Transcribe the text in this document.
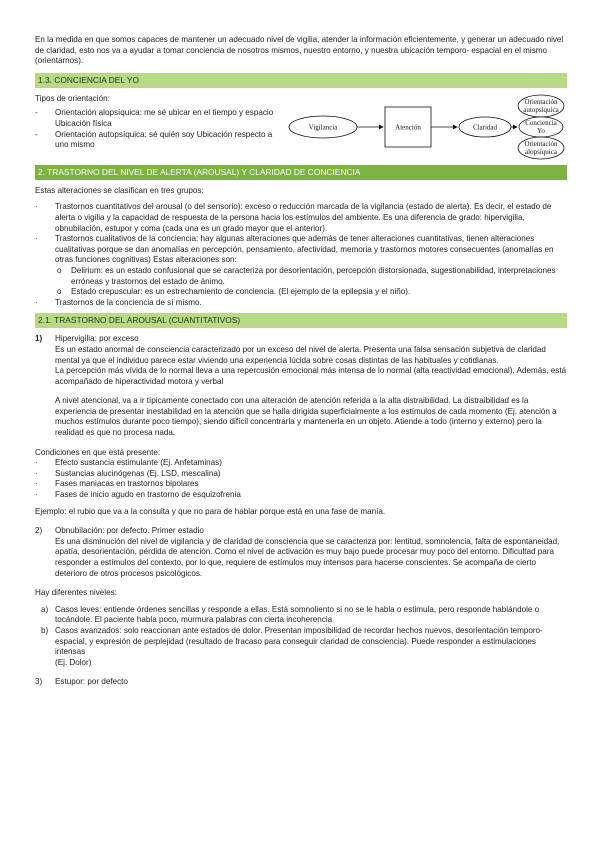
En la medida en que somos capaces de mantener un adecuado nivel de vigilia, atender la información eficientemente, y generar un adecuado nivel de claridad, esto nos va a ayudar a tomar conciencia de nosotros mismos, nuestro entorno, y nuestra ubicación temporo- espacial en el mismo (orientarnos).

1.3. CONCIENCIA DEL YO

Tipos de orientación:

-	Orientación alopsíquica: me sé ubicar en el tiempo y espacio Ubicación física
-	Orientación autopsíquica: sé quién soy Ubicación respecto a uno mismo
Vigilancia	Atención	Claridad
Orientación
autopsíquica
Conciencia
Yo
Orientación
alopsíquica
2. TRASTORNO DEL NIVEL DE ALERTA (AROUSAL) Y CLARIDAD DE CONCIENCIA

Estas alteraciones se clasifican en tres grupos:

·	Trastornos cuantitativos del arousal (o del sensorio): exceso o reducción marcada de la vigilancia (estado de alerta). Es decir, el estado de alerta o vigilia y la capacidad de respuesta de la persona hacia los estímulos del ambiente. Es una diferencia de grado: hipervigilia, obnubilación, estupor y coma (cada una es un grado mayor que el anterior).
·	Trastornos cualitativos de la conciencia: hay algunas alteraciones que además de tener alteraciones cuantitativas, tienen alteraciones cualitativas porque se dan anomalías en percepción, pensamiento, afectividad, memoria y trastornos motores consecuentes (anomalías en otras funciones cognitivas) Estas alteraciones son:
o	Delirium: es un estado confusional que se caracteriza por desorientación, percepción distorsionada, sugestionabilidad, interpretaciones erróneas y trastornos del estado de ánimo.
o	Estado crepuscular: es un estrechamiento de conciencia. (El ejemplo de la epilepsia y el niño).
·	Trastornos de la conciencia de sí mismo.
2.1. TRASTORNO DEL AROUSAL (CUANTITATIVOS)
1)	Hipervigilia: por exceso

Es un estado anormal de consciencia caracterizado por un exceso del nivel de alerta. Presenta una falsa sensación subjetiva de claridad mental ya que el individuo parece estar viviendo una experiencia lúcida sobre cosas distintas de las habituales y cotidianas.

La percepción más vívida de lo normal lleva a una repercusión emocional más intensa de lo normal (alta reactividad emocional). Además, está acompañado de hiperactividad motora y verbal

A nivel atencional, va a ir típicamente conectado con una alteración de atención referida a la alta distraibilidad. La distraibilidad es la experiencia de presentar inestabilidad en la atención que se halla dirigida superficialmente a los estímulos de cada momento (Ej. atención a muchos estímulos durante poco tiempo), siendo difícil concentrarla y mantenerla en un objeto. Atiende a todo (interno y externo) pero la realidad es que no procesa nada.

Condiciones en que está presente:

·	Efecto sustancia estimulante (Ej. Anfetaminas)
·	Sustancias alucinógenas (Ej. LSD, mescalina)
·	Fases maniacas en trastornos bipolares
·	Fases de inicio agudo en trastorno de esquizofrenia

Ejemplo: el rubio que va a la consulta y que no para de hablar porque está en una fase de manía.

2)	Obnubilación: por defecto. Primer estadio

Es una disminución del nivel de vigilancia y de claridad de consciencia que se caracteriza por: lentitud, somnolencia, falta de espontaneidad, apatía, desorientación, pérdida de atención. Como el nivel de activación es muy bajo puede procesar muy poco del entorno. Dificultad para responder a estímulos del contexto, por lo que, requiere de estímulos muy intensos para hacerse conscientes. Se acompaña de cierto deterioro de otros procesos psicológicos.

Hay diferentes niveles:

a) Casos leves: entiende órdenes sencillas y responde a ellas. Está somnoliento si no se le habla o estimula, pero responde hablándole o tocándole. El paciente habla poco, murmura palabras con cierta incoherencia
b) Casos avanzados: solo reaccionan ante estados de dolor. Presentan imposibilidad de recordar hechos nuevos, desorientación temporo-espacial, y expresión de perplejidad (resultado de fracaso para conseguir claridad de consciencia). Puede responder a estimulaciones intensas

(Ej. Dolor)

3)	Estupor: por defecto
